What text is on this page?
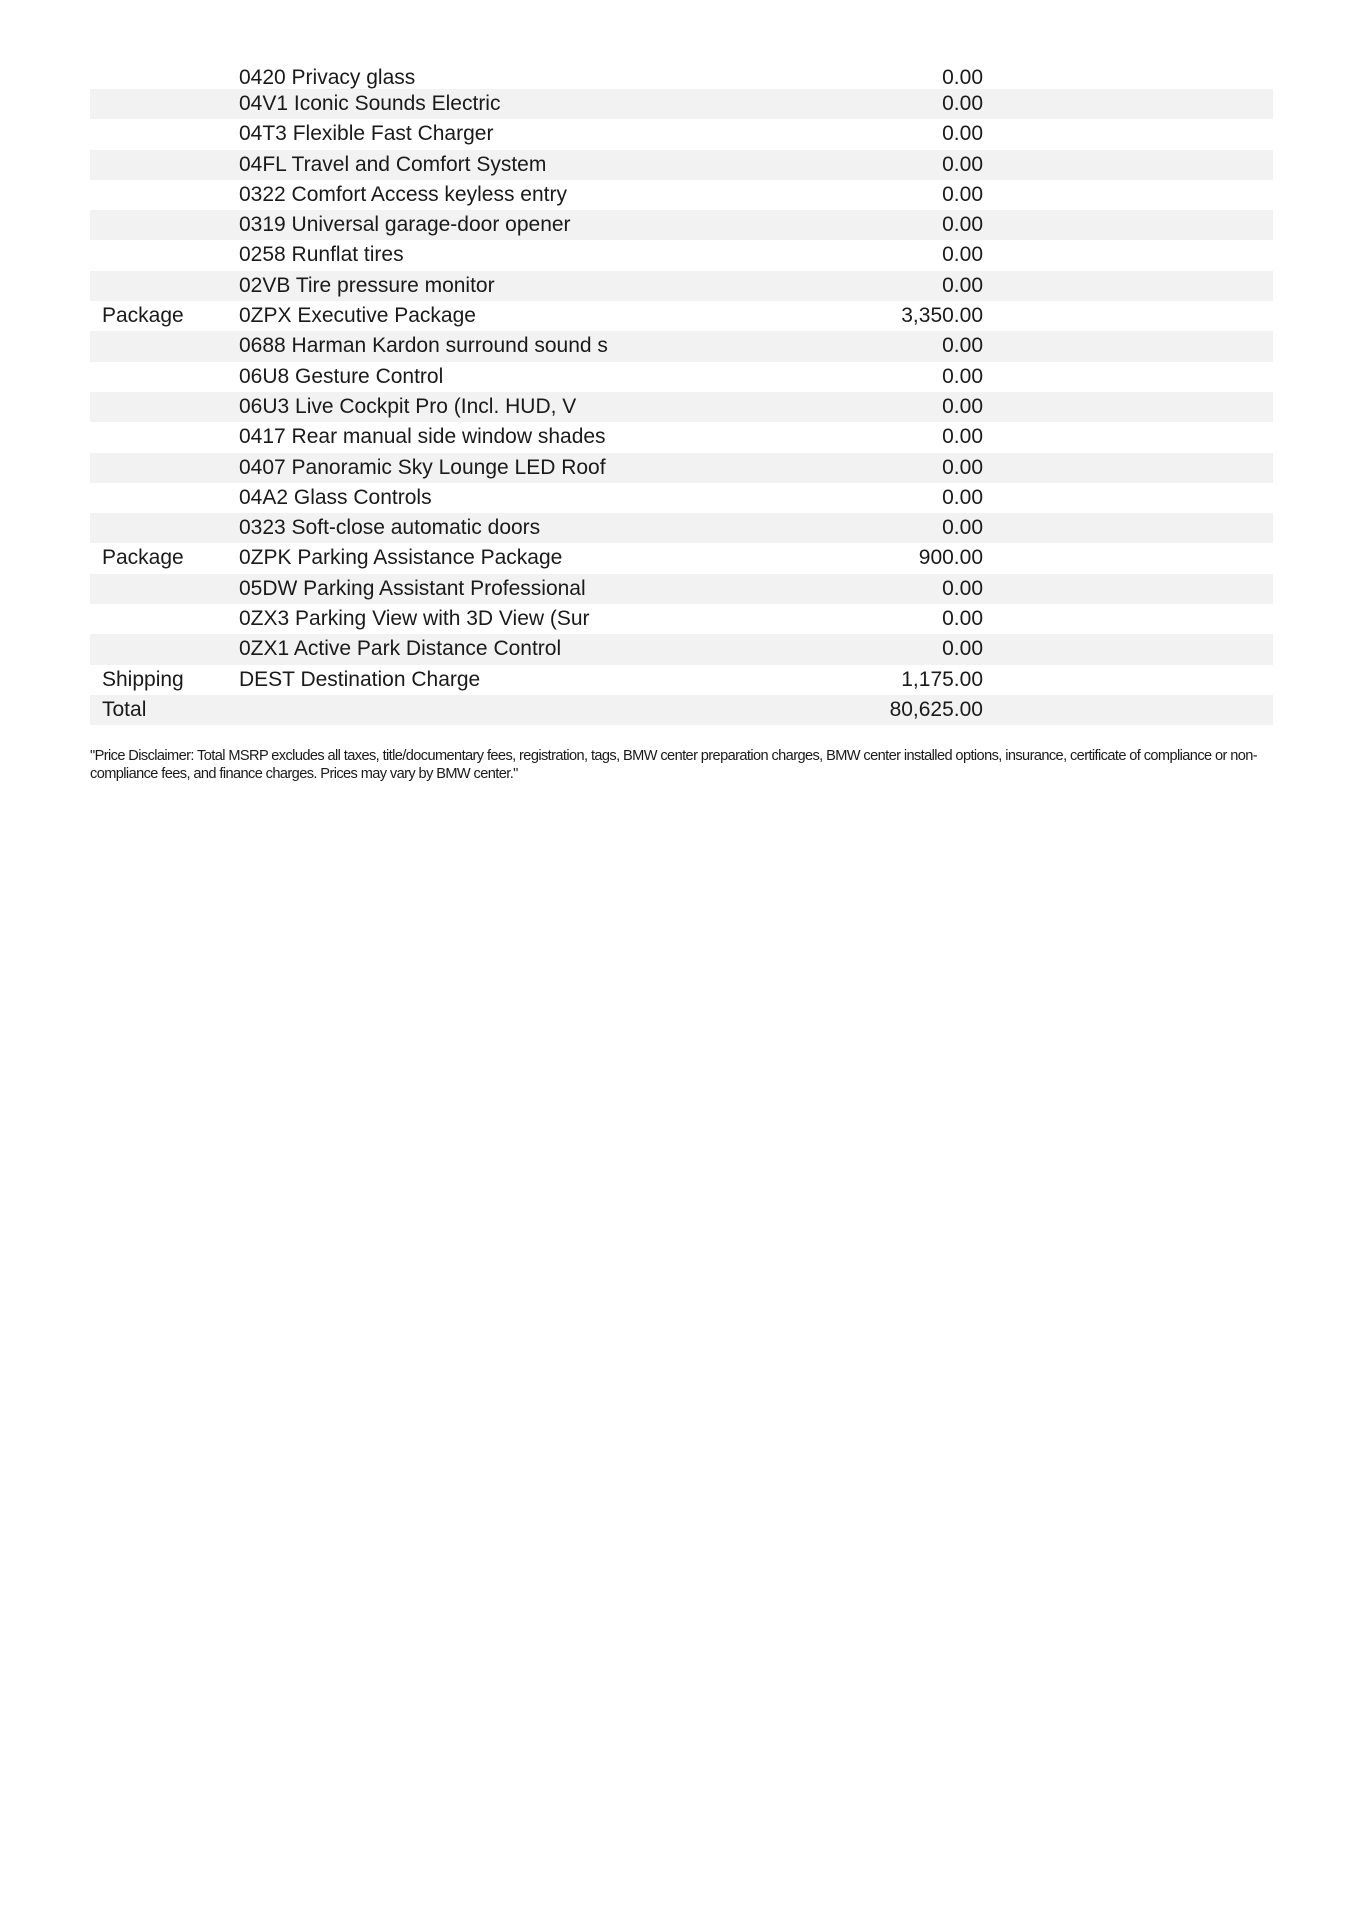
0420 Privacy glass	0.00
04V1 Iconic Sounds Electric	0.00
04T3 Flexible Fast Charger	0.00
04FL Travel and Comfort System	0.00
0322 Comfort Access keyless entry	0.00
0319 Universal garage-door opener	0.00
0258 Runflat tires	0.00
02VB Tire pressure monitor	0.00
Package	0ZPX Executive Package	3,350.00
0688 Harman Kardon surround sound s	0.00
06U8 Gesture Control	0.00
06U3 Live Cockpit Pro (Incl. HUD, V	0.00
0417 Rear manual side window shades	0.00
0407 Panoramic Sky Lounge LED Roof	0.00
04A2 Glass Controls	0.00
0323 Soft-close automatic doors	0.00
Package	0ZPK Parking Assistance Package	900.00
05DW Parking Assistant Professional	0.00
0ZX3 Parking View with 3D View (Sur	0.00
0ZX1 Active Park Distance Control	0.00
Shipping	DEST Destination Charge	1,175.00
Total	80,625.00
"Price Disclaimer: Total MSRP excludes all taxes, title/documentary fees, registration, tags, BMW center preparation charges, BMW center installed options, insurance, certificate of compliance or non-compliance fees, and finance charges. Prices may vary by BMW center."
